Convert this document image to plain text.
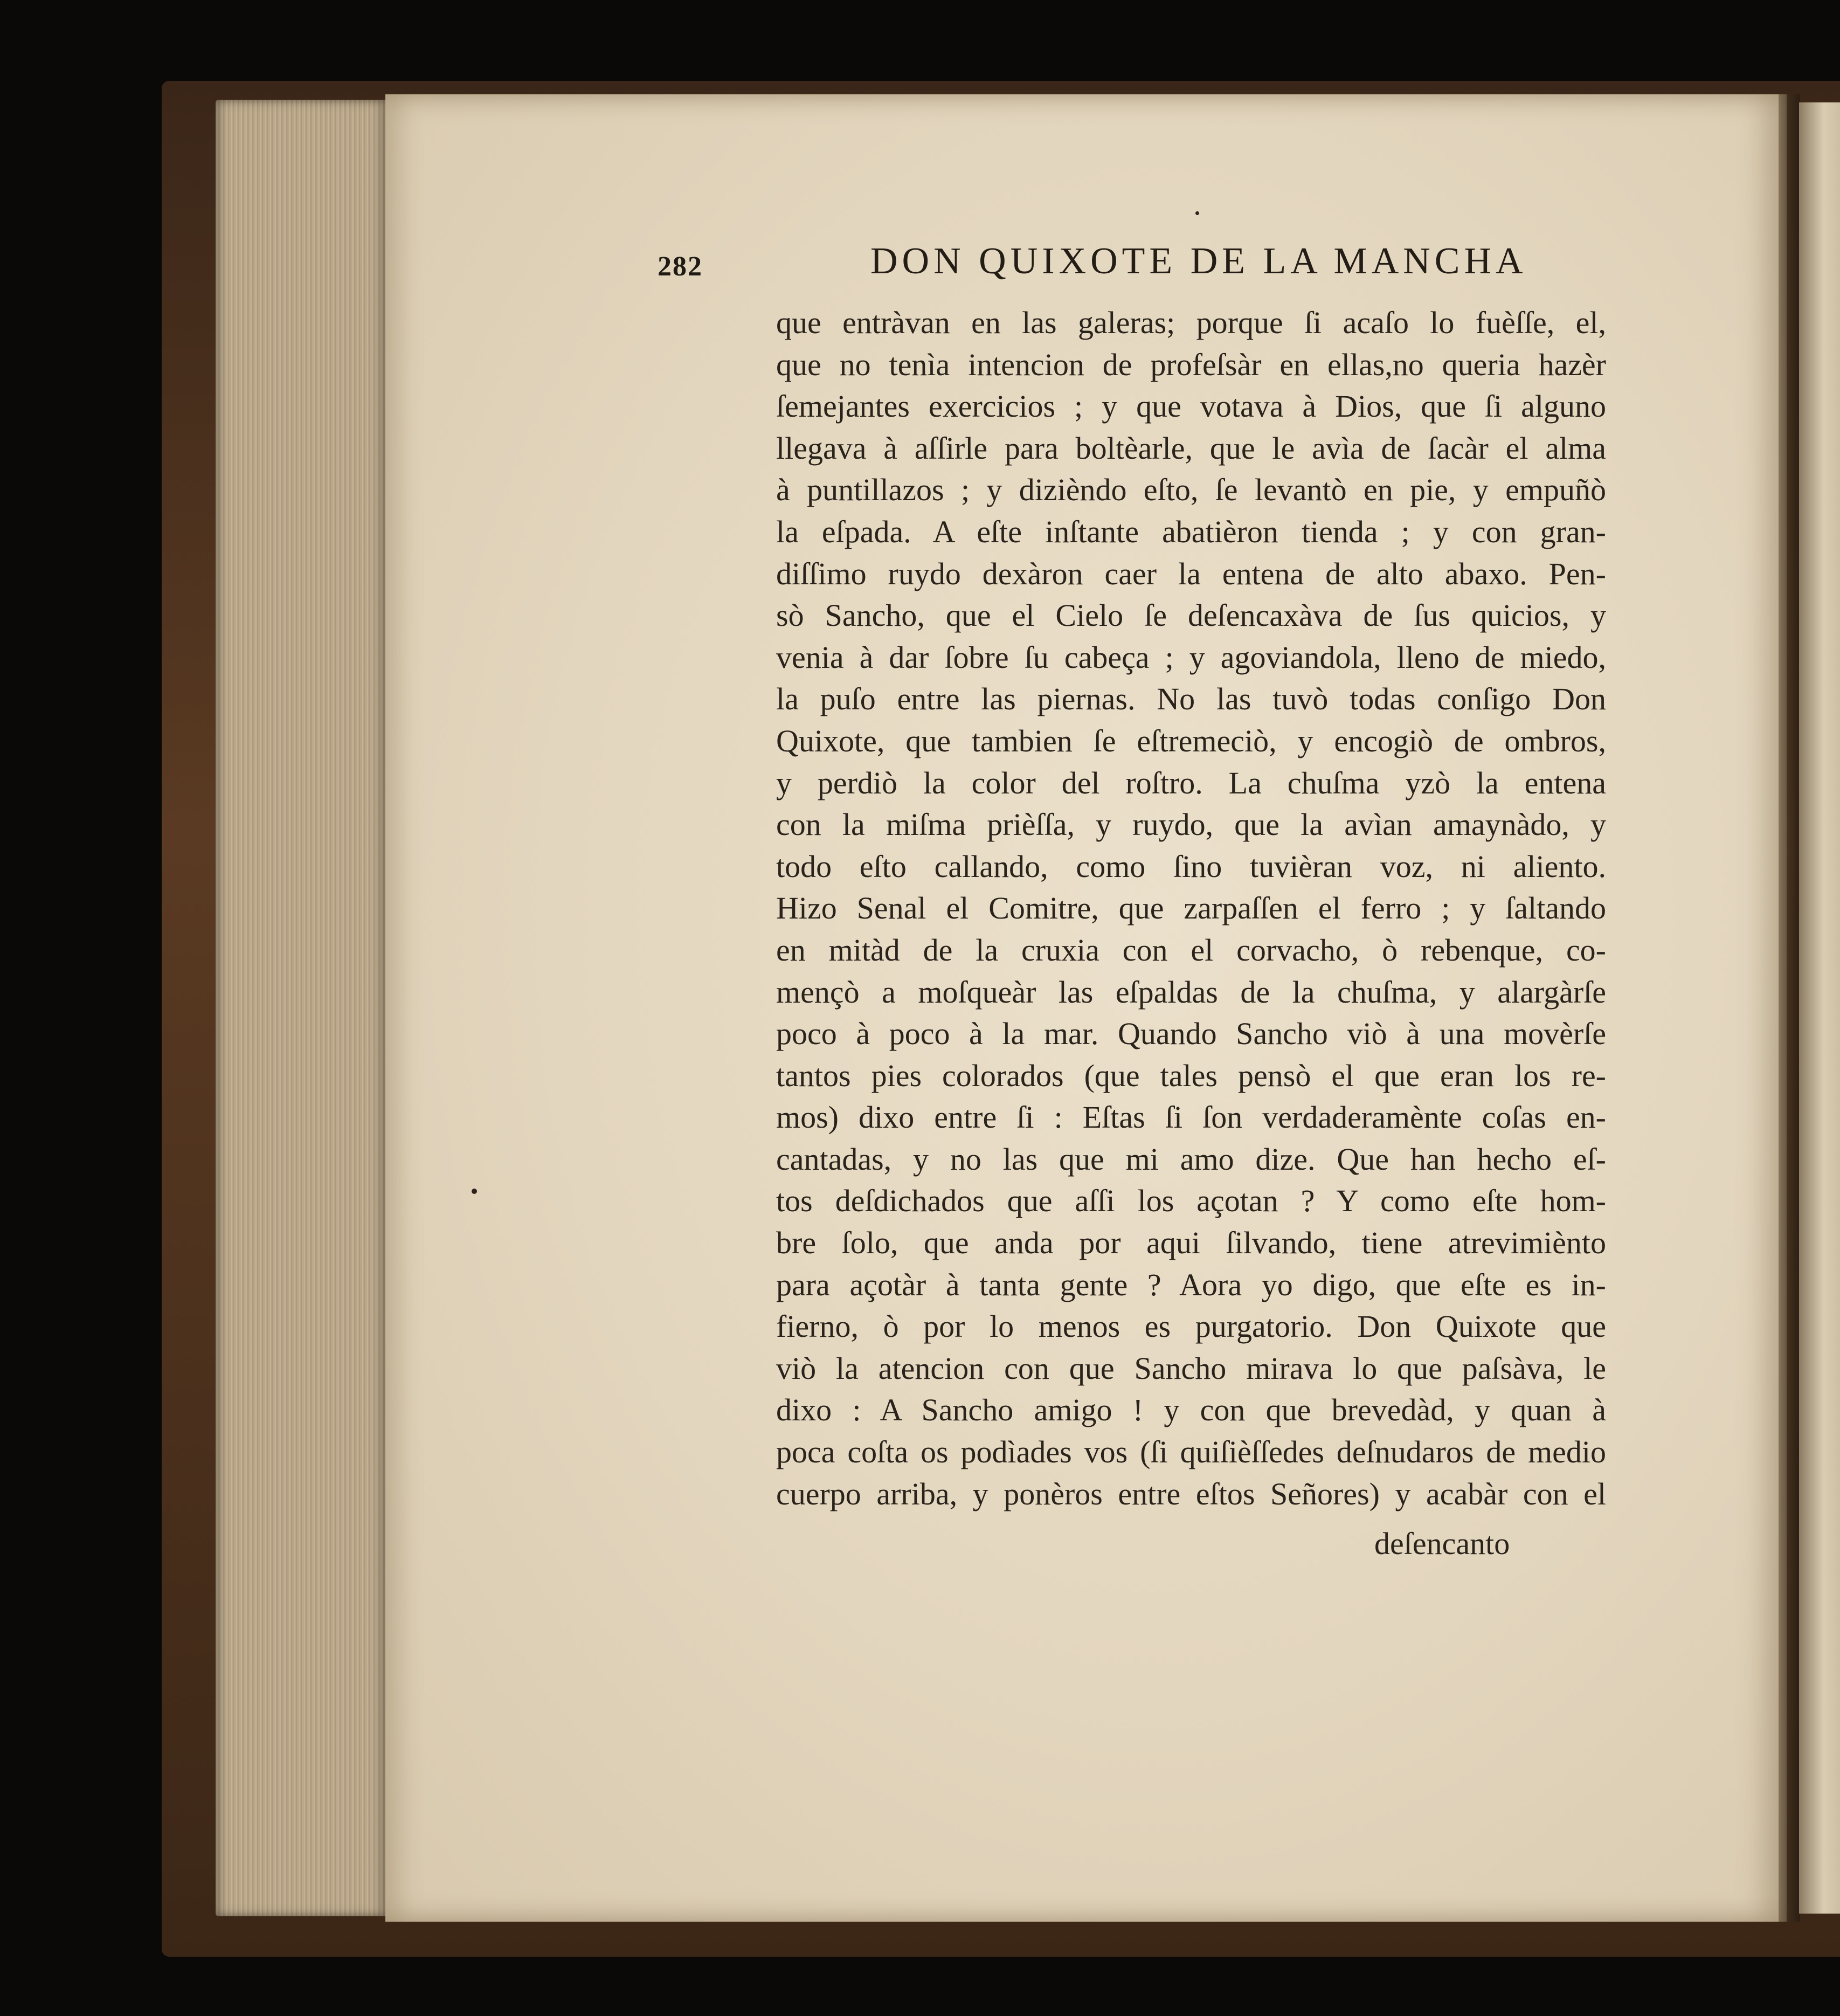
282	DON QUIXOTE DE LA MANCHA
que entràvan en las galeras; porque ſi acaſo lo fuèſſe, el,
que no tenìa intencion de profeſsàr en ellas,no queria hazèr
ſemejantes exercicios ; y que votava à Dios, que ſi alguno
llegava à aſſirle para boltèarle, que le avìa de ſacàr el alma
à puntillazos ; y dizièndo eſto, ſe levantò en pie, y empuñò
la eſpada. A eſte inſtante abatièron tienda ; y con gran-
diſſimo ruydo dexàron caer la entena de alto abaxo. Pen-
sò Sancho, que el Cielo ſe deſencaxàva de ſus quicios, y
venia à dar ſobre ſu cabeça ; y agoviandola, lleno de miedo,
la puſo entre las piernas. No las tuvò todas conſigo Don
Quixote, que tambien ſe eſtremeciò, y encogiò de ombros,
y perdiò la color del roſtro. La chuſma yzò la entena
con la miſma prièſſa, y ruydo, que la avìan amaynàdo, y
todo eſto callando, como ſino tuvièran voz, ni aliento.
Hizo Senal el Comitre, que zarpaſſen el ferro ; y ſaltando
en mitàd de la cruxia con el corvacho, ò rebenque, co-
mençò a moſqueàr las eſpaldas de la chuſma, y alargàrſe
poco à poco à la mar. Quando Sancho viò à una movèrſe
tantos pies colorados (que tales pensò el que eran los re-
mos) dixo entre ſi : Eſtas ſi ſon verdaderamènte coſas en-
cantadas, y no las que mi amo dize. Que han hecho eſ-
tos deſdichados que aſſi los açotan ? Y como eſte hom-
bre ſolo, que anda por aqui ſilvando, tiene atrevimiènto
para açotàr à tanta gente ? Aora yo digo, que eſte es in-
fierno, ò por lo menos es purgatorio. Don Quixote que
viò la atencion con que Sancho mirava lo que paſsàva, le
dixo : A Sancho amigo ! y con que brevedàd, y quan à
poca coſta os podìades vos (ſi quiſièſſedes deſnudaros de medio
cuerpo arriba, y ponèros entre eſtos Señores) y acabàr con el
deſencanto
